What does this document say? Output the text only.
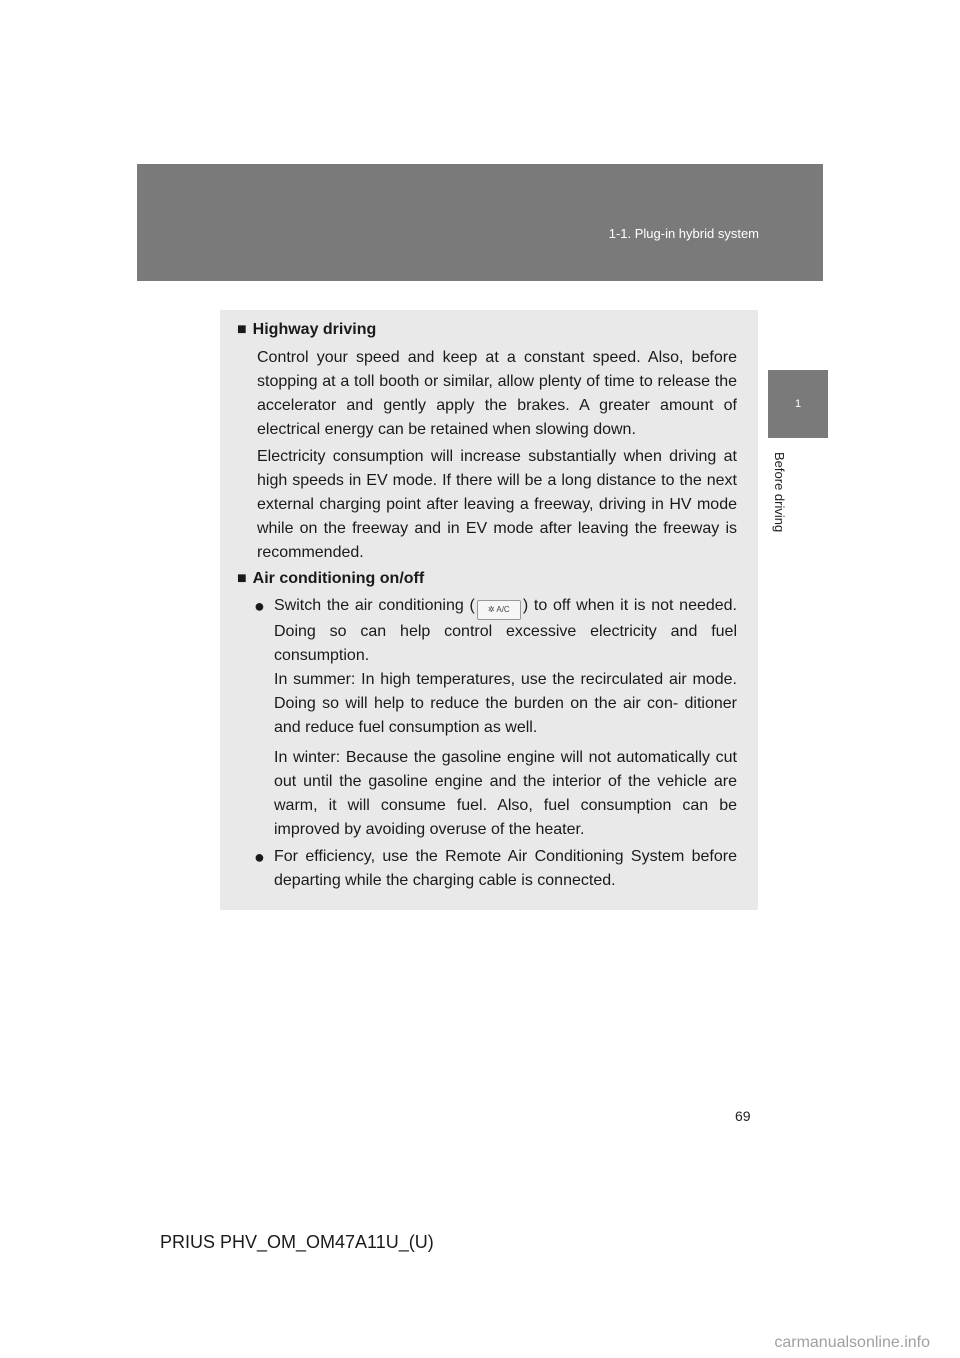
1-1. Plug-in hybrid system
1
Before driving
■ Highway driving
Control your speed and keep at a constant speed. Also, before stopping at a toll booth or similar, allow plenty of time to release the accelerator and gently apply the brakes. A greater amount of electrical energy can be retained when slowing down.
Electricity consumption will increase substantially when driving at high speeds in EV mode. If there will be a long distance to the next external charging point after leaving a freeway, driving in HV mode while on the freeway and in EV mode after leaving the freeway is recommended.
■ Air conditioning on/off
● Switch the air conditioning ( ✲ A/C ) to off when it is not needed. Doing so can help control excessive electricity and fuel consumption.
In summer: In high temperatures, use the recirculated air mode. Doing so will help to reduce the burden on the air con- ditioner and reduce fuel consumption as well.
In winter: Because the gasoline engine will not automatically cut out until the gasoline engine and the interior of the vehicle are warm, it will consume fuel. Also, fuel consumption can be improved by avoiding overuse of the heater.
● For efficiency, use the Remote Air Conditioning System before departing while the charging cable is connected.
69
PRIUS PHV_OM_OM47A11U_(U)
carmanualsonline.info
